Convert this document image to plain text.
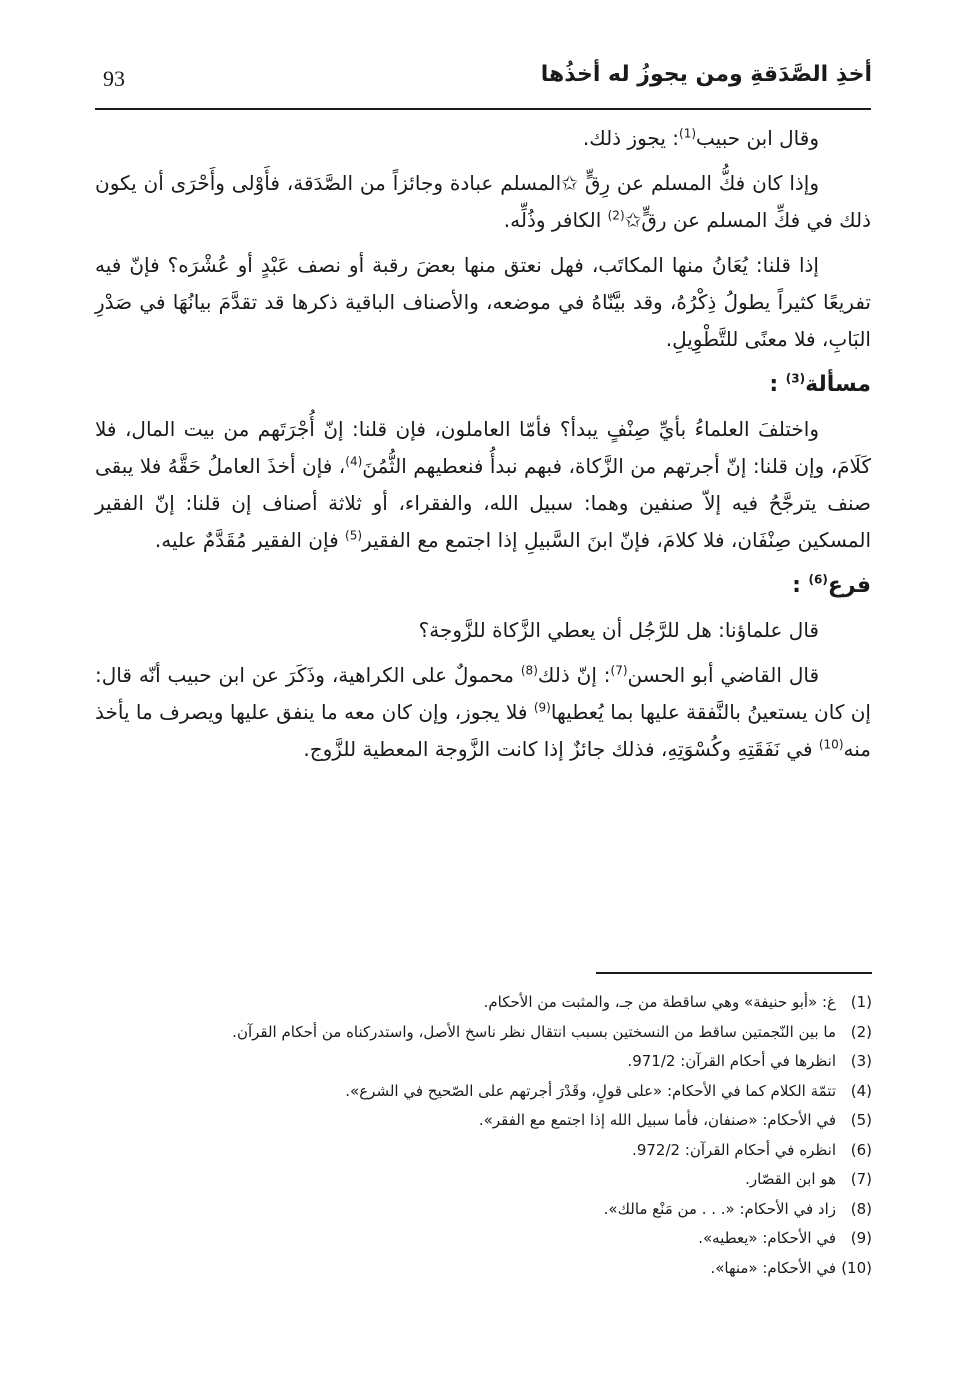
أخذِ الصَّدَقةِ ومن يجوزُ له أخذُها
93

وقال ابن حبيب$^{(1)}$: يجوز ذلك.

وإذا كان فكُّ المسلم عن رِقٍّ ✩المسلم عبادة وجائزاً من الصَّدَقة، فأَوْلى وأَحْرَى أن يكون ذلك في فكِّ المسلم عن رقٍّ✩$^{(2)}$ الكافر وذُلِّه.

إذا قلنا: يُعَانُ منها المكاتَب، فهل نعتق منها بعضَ رقبة أو نصف عَبْدٍ أو عُشْرَه؟ فإنّ فيه تفريعًا كثيراً يطولُ ذِكْرُهُ، وقد بيَّنّاهُ في موضعه، والأصناف الباقية ذكرها قد تقدَّمَ بيانُهَا في صَدْرِ البَابِ، فلا معنًى للتَّطْوِيلِ.

مسألة$^{(3)}$ :

واختلفَ العلماءُ بأيِّ صِنْفٍ يبدأ؟ فأمّا العاملون، فإن قلنا: إنّ أُجْرَتَهم من بيت المال، فلا كَلَامَ، وإن قلنا: إنّ أجرتهم من الزَّكاة، فبهم نبدأُ فنعطيهم الثُّمُنَ$^{(4)}$، فإن أخذَ العاملُ حَقَّهُ فلا يبقى صنف يترجَّحُ فيه إلاّ صنفين وهما: سبيل الله، والفقراء، أو ثلاثة أصناف إن قلنا: إنّ الفقير المسكين صِنْفَان، فلا كلامَ، فإنّ ابنَ السَّبيلِ إذا اجتمع مع الفقير$^{(5)}$ فإن الفقير مُقَدَّمٌ عليه.

فرع$^{(6)}$ :

قال علماؤنا: هل للرَّجُل أن يعطي الزَّكاة للزَّوجة؟

قال القاضي أبو الحسن$^{(7)}$: إنّ ذلك$^{(8)}$ محمولٌ على الكراهية، وذَكَرَ عن ابن حبيب أنّه قال: إن كان يستعينُ بالنَّفقة عليها بما يُعطيها$^{(9)}$ فلا يجوز، وإن كان معه ما ينفق عليها ويصرف ما يأخذ منه$^{(10)}$ في نَفَقَتِهِ وكُسْوَتِهِ، فذلك جائزٌ إذا كانت الزَّوجة المعطية للزَّوج.

(1)غ: «أبو حنيفة» وهي ساقطة من جـ، والمثبت من الأحكام.
(2)ما بين النّجمتين ساقط من النسختين بسبب انتقال نظر ناسخ الأصل، واستدركناه من أحكام القرآن.
(3)انظرها في أحكام القرآن: 971/2.
(4)تتمّة الكلام كما في الأحكام: «على قولٍ، وقَدْرَ أجرتهم على الصّحيح في الشرع».
(5)في الأحكام: «صنفان، فأما سبيل الله إذا اجتمع مع الفقر».
(6)انظره في أحكام القرآن: 972/2.
(7)هو ابن القصّار.
(8)زاد في الأحكام: «. . . من مَنْع مالك».
(9)في الأحكام: «يعطيه».
(10)في الأحكام: «منها».
